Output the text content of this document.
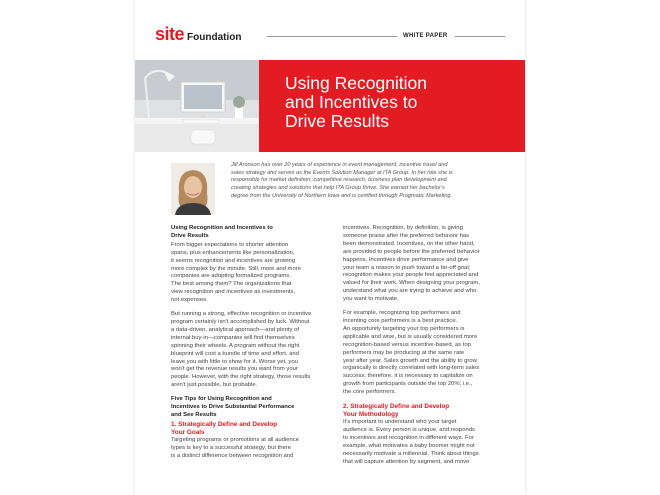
site Foundation	WHITE PAPER
Using Recognition
and Incentives to
Drive Results
Jill Aronson has over 20 years of experience in event management, incentive travel and
sales strategy and serves as the Events Solution Manager at ITA Group. In her role she is
responsible for market definition, competitive research, business plan development and
creating strategies and solutions that help ITA Group thrive. She earned her bachelor's
degree from the University of Northern Iowa and is certified through Pragmatic Marketing.
Using Recognition and Incentives to
Drive Results

From bigger expectations to shorter attention
spans, plus enhancements like personalization,
it seems recognition and incentives are growing
more complex by the minute. Still, more and more
companies are adopting formalized programs.
The best among them? The organizations that
view recognition and incentives as investments,
not expenses.

But running a strong, effective recognition or incentive
program certainly isn't accomplished by luck. Without
a data-driven, analytical approach—and plenty of
internal buy-in—companies will find themselves
spinning their wheels. A program without the right
blueprint will cost a bundle of time and effort, and
leave you with little to show for it. Worse yet, you
won't get the revenue results you want from your
people. However, with the right strategy, those results
aren't just possible, but probable.

Five Tips for Using Recognition and
Incentives to Drive Substantial Performance
and See Results
1. Strategically Define and Develop
Your Goals

Targeting programs or promotions at all audience
types is key to a successful strategy, but there
is a distinct difference between recognition and

incentives. Recognition, by definition, is giving
someone praise after the preferred behavior has
been demonstrated. Incentives, on the other hand,
are provided to people before the preferred behavior
happens. Incentives drive performance and give
your team a reason to push toward a far-off goal;
recognition makes your people feel appreciated and
valued for their work. When designing your program,
understand what you are trying to achieve and who
you want to motivate.

For example, recognizing top performers and
incenting core performers is a best practice.
An opportunity targeting your top performers is
applicable and wise, but is usually considered more
recognition-based versus incentive-based, as top
performers may be producing at the same rate
year after year. Sales growth and the ability to grow
organically is directly correlated with long-term sales
success; therefore, it is necessary to capitalize on
growth from participants outside the top 20%; i.e.,
the core performers.

2. Strategically Define and Develop
Your Methodology

It's important to understand who your target
audience is. Every person is unique, and responds
to incentives and recognition in different ways. For
example, what motivates a baby boomer might not
necessarily motivate a millennial. Think about things
that will capture attention by segment, and move
